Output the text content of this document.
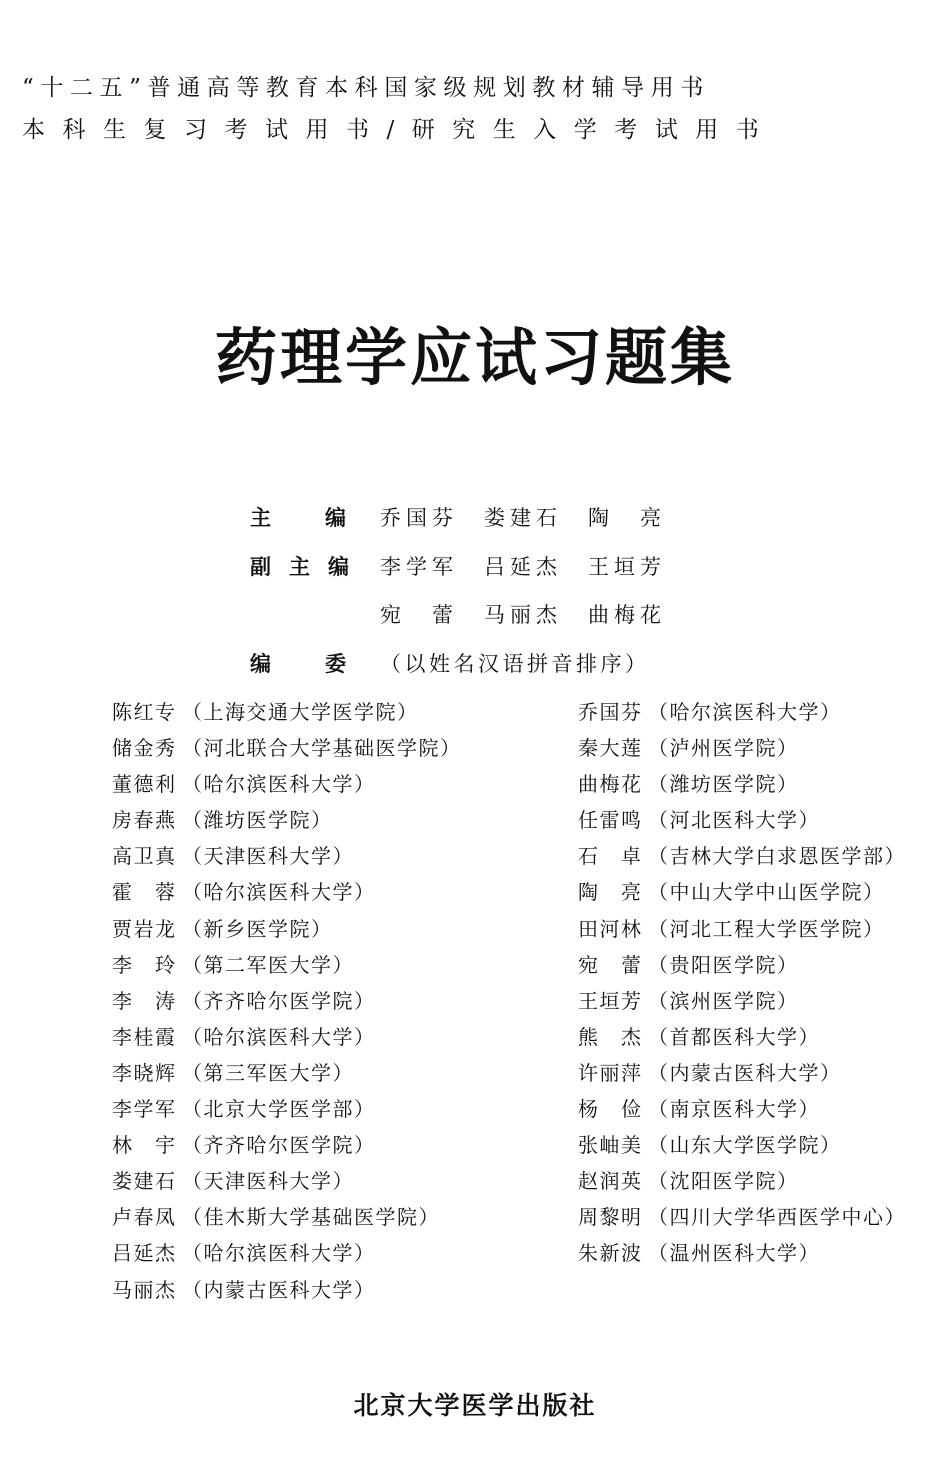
“十二五”普通高等教育本科国家级规划教材辅导用书
本科生复习考试用书/研究生入学考试用书
药理学应试习题集
主编乔国芬 娄建石 陶　亮
副主编 李学军 吕延杰 王垣芳
宛　蕾 马丽杰 曲梅花
编委（以姓名汉语拼音排序）
陈红专 （上海交通大学医学院）
储金秀 （河北联合大学基础医学院）
董德利 （哈尔滨医科大学）
房春燕 （潍坊医学院）
高卫真 （天津医科大学）
霍　蓉 （哈尔滨医科大学）
贾岩龙 （新乡医学院）
李　玲 （第二军医大学）
李　涛 （齐齐哈尔医学院）
李桂霞 （哈尔滨医科大学）
李晓辉 （第三军医大学）
李学军 （北京大学医学部）
林　宇 （齐齐哈尔医学院）
娄建石 （天津医科大学）
卢春凤 （佳木斯大学基础医学院）
吕延杰 （哈尔滨医科大学）
马丽杰 （内蒙古医科大学）
乔国芬 （哈尔滨医科大学）
秦大莲 （泸州医学院）
曲梅花 （潍坊医学院）
任雷鸣 （河北医科大学）
石　卓 （吉林大学白求恩医学部）
陶　亮 （中山大学中山医学院）
田河林 （河北工程大学医学院）
宛　蕾 （贵阳医学院）
王垣芳 （滨州医学院）
熊　杰 （首都医科大学）
许丽萍 （内蒙古医科大学）
杨　俭 （南京医科大学）
张岫美 （山东大学医学院）
赵润英 （沈阳医学院）
周黎明 （四川大学华西医学中心）
朱新波 （温州医科大学）
北京大学医学出版社
